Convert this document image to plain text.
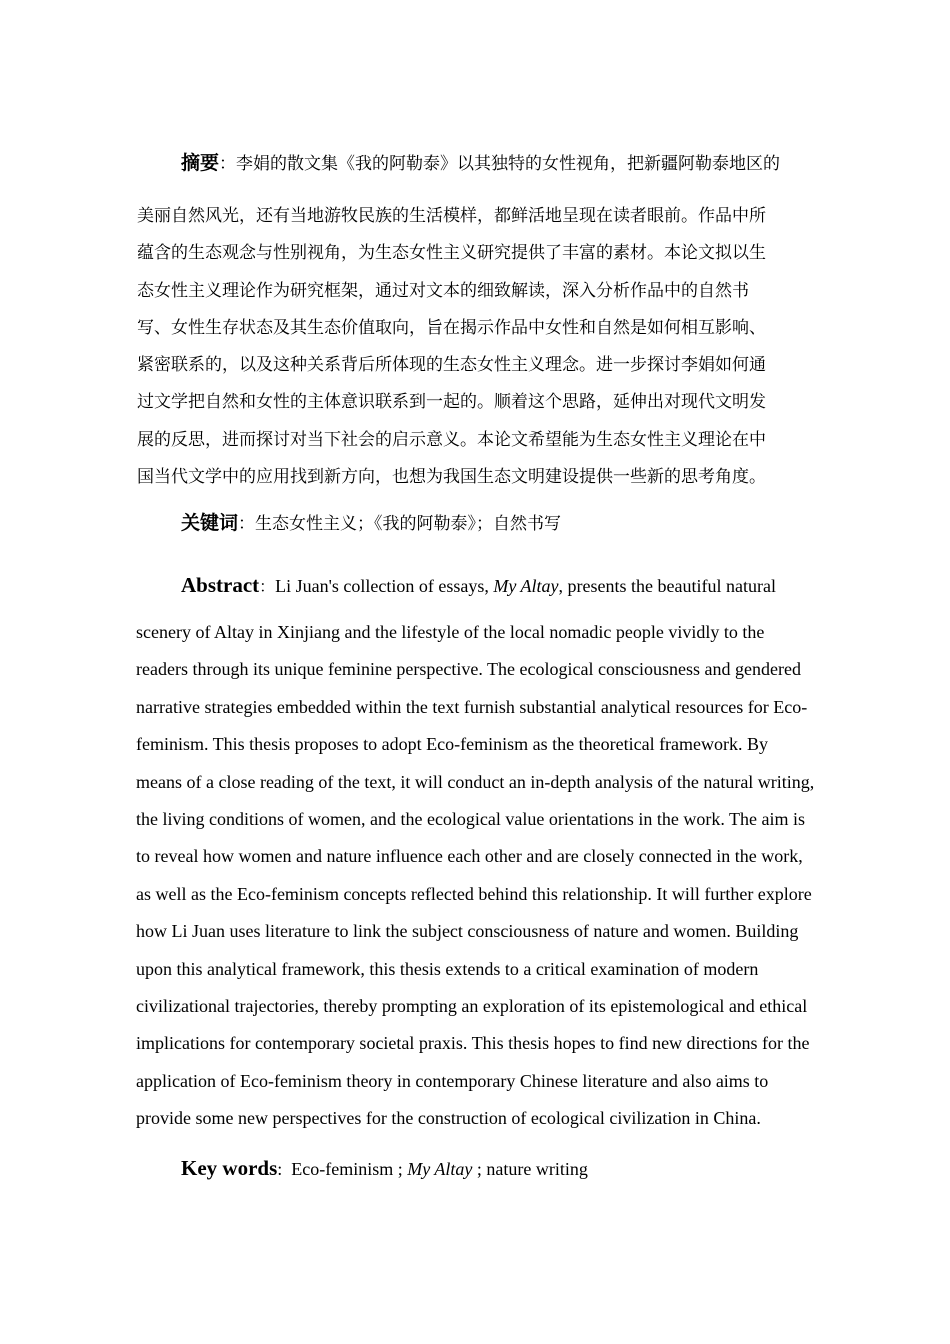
摘要：李娟的散文集《我的阿勒泰》以其独特的女性视角，把新疆阿勒泰地区的
美丽自然风光，还有当地游牧民族的生活模样，都鲜活地呈现在读者眼前。作品中所
蕴含的生态观念与性别视角，为生态女性主义研究提供了丰富的素材。本论文拟以生
态女性主义理论作为研究框架，通过对文本的细致解读，深入分析作品中的自然书
写、女性生存状态及其生态价值取向，旨在揭示作品中女性和自然是如何相互影响、
紧密联系的，以及这种关系背后所体现的生态女性主义理念。进一步探讨李娟如何通
过文学把自然和女性的主体意识联系到一起的。顺着这个思路，延伸出对现代文明发
展的反思，进而探讨对当下社会的启示意义。本论文希望能为生态女性主义理论在中
国当代文学中的应用找到新方向，也想为我国生态文明建设提供一些新的思考角度。
关键词：生态女性主义；《我的阿勒泰》；自然书写
Abstract：Li Juan's collection of essays, My Altay, presents the beautiful natural
scenery of Altay in Xinjiang and the lifestyle of the local nomadic people vividly to the
readers through its unique feminine perspective. The ecological consciousness and gendered
narrative strategies embedded within the text furnish substantial analytical resources for Eco-
feminism. This thesis proposes to adopt Eco-feminism as the theoretical framework. By
means of a close reading of the text, it will conduct an in-depth analysis of the natural writing,
the living conditions of women, and the ecological value orientations in the work. The aim is
to reveal how women and nature influence each other and are closely connected in the work,
as well as the Eco-feminism concepts reflected behind this relationship. It will further explore
how Li Juan uses literature to link the subject consciousness of nature and women. Building
upon this analytical framework, this thesis extends to a critical examination of modern
civilizational trajectories, thereby prompting an exploration of its epistemological and ethical
implications for contemporary societal praxis. This thesis hopes to find new directions for the
application of Eco-feminism theory in contemporary Chinese literature and also aims to
provide some new perspectives for the construction of ecological civilization in China.
Key words: Eco-feminism ; My Altay ; nature writing
